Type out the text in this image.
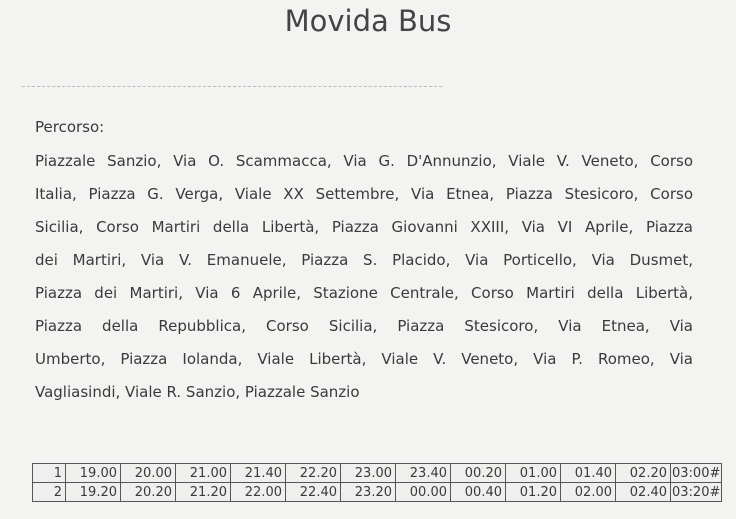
Movida Bus
Percorso:
Piazzale Sanzio, Via O. Scammacca, Via G. D'Annunzio, Viale V. Veneto, Corso
Italia, Piazza G. Verga, Viale XX Settembre, Via Etnea, Piazza Stesicoro, Corso
Sicilia, Corso Martiri della Libertà, Piazza Giovanni XXIII, Via VI Aprile, Piazza
dei Martiri, Via V. Emanuele, Piazza S. Placido, Via Porticello, Via Dusmet,
Piazza dei Martiri, Via 6 Aprile, Stazione Centrale, Corso Martiri della Libertà,
Piazza della Repubblica, Corso Sicilia, Piazza Stesicoro, Via Etnea, Via
Umberto, Piazza Iolanda, Viale Libertà, Viale V. Veneto, Via P. Romeo, Via
Vagliasindi, Viale R. Sanzio, Piazzale Sanzio
1	19.00	20.00	21.00	21.40	22.20	23.00	23.40	00.20	01.00	01.40	02.20	03:00#
2	19.20	20.20	21.20	22.00	22.40	23.20	00.00	00.40	01.20	02.00	02.40	03:20#
